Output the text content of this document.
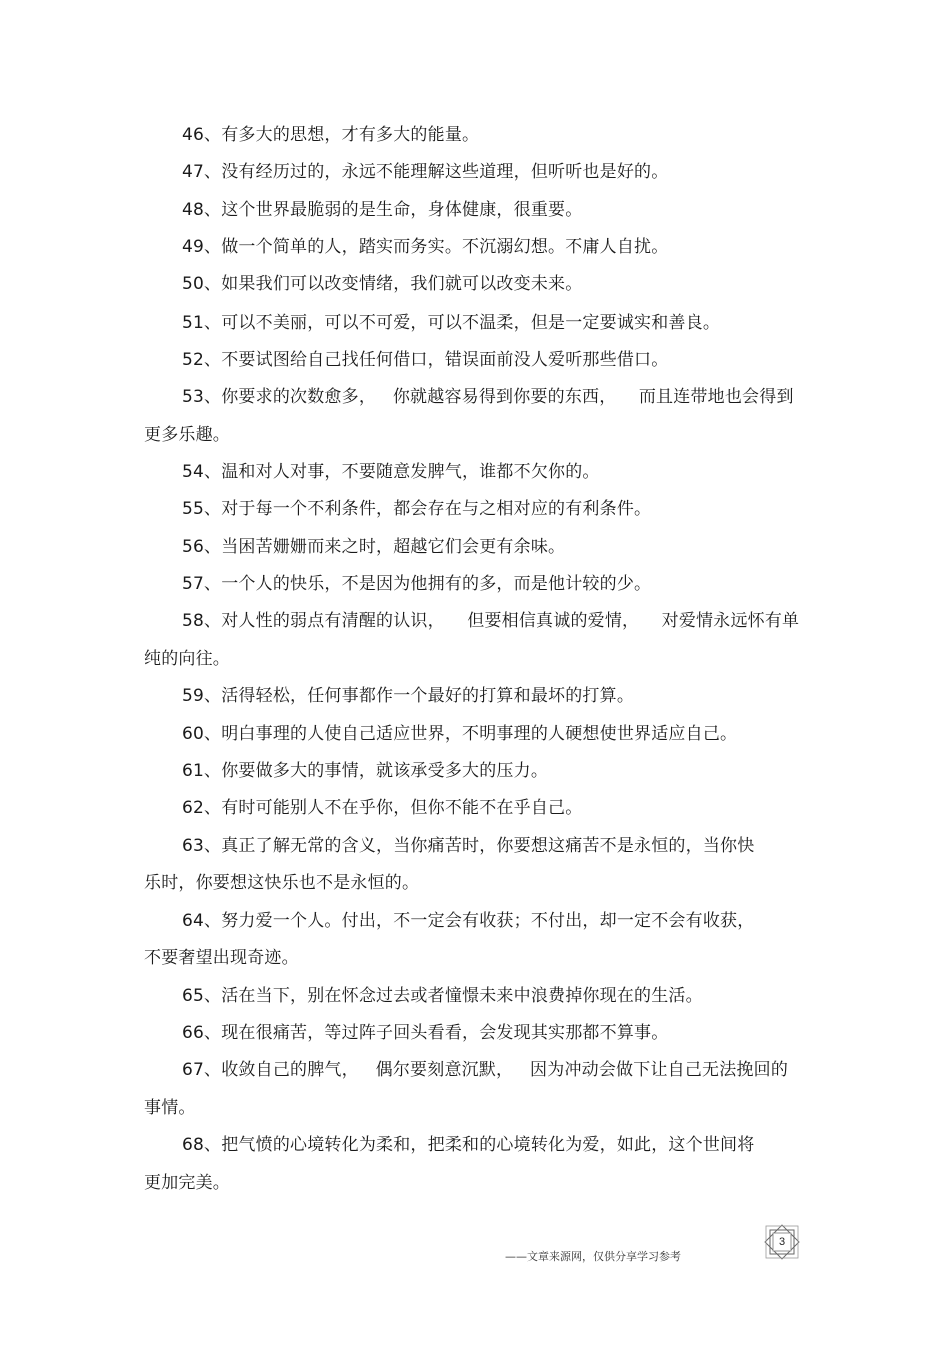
46、有多大的思想，才有多大的能量。
47、没有经历过的，永远不能理解这些道理，但听听也是好的。
48、这个世界最脆弱的是生命，身体健康，很重要。
49、做一个简单的人，踏实而务实。不沉溺幻想。不庸人自扰。
50、如果我们可以改变情绪，我们就可以改变未来。
51、可以不美丽，可以不可爱，可以不温柔，但是一定要诚实和善良。
52、不要试图给自己找任何借口，错误面前没人爱听那些借口。
53、你要求的次数愈多，   你就越容易得到你要的东西，    而且连带地也会得到
更多乐趣。
54、温和对人对事，不要随意发脾气，谁都不欠你的。
55、对于每一个不利条件，都会存在与之相对应的有利条件。
56、当困苦姗姗而来之时，超越它们会更有余味。
57、一个人的快乐，不是因为他拥有的多，而是他计较的少。
58、对人性的弱点有清醒的认识，    但要相信真诚的爱情，    对爱情永远怀有单
纯的向往。
59、活得轻松，任何事都作一个最好的打算和最坏的打算。
60、明白事理的人使自己适应世界，不明事理的人硬想使世界适应自己。
61、你要做多大的事情，就该承受多大的压力。
62、有时可能别人不在乎你，但你不能不在乎自己。
63、真正了解无常的含义，当你痛苦时，你要想这痛苦不是永恒的，当你快
乐时，你要想这快乐也不是永恒的。
64、努力爱一个人。付出，不一定会有收获；不付出，却一定不会有收获，
不要奢望出现奇迹。
65、活在当下，别在怀念过去或者憧憬未来中浪费掉你现在的生活。
66、现在很痛苦，等过阵子回头看看，会发现其实那都不算事。
67、收敛自己的脾气，   偶尔要刻意沉默，   因为冲动会做下让自己无法挽回的
事情。
68、把气愤的心境转化为柔和，把柔和的心境转化为爱，如此，这个世间将
更加完美。
——文章来源网，仅供分享学习参考
3
